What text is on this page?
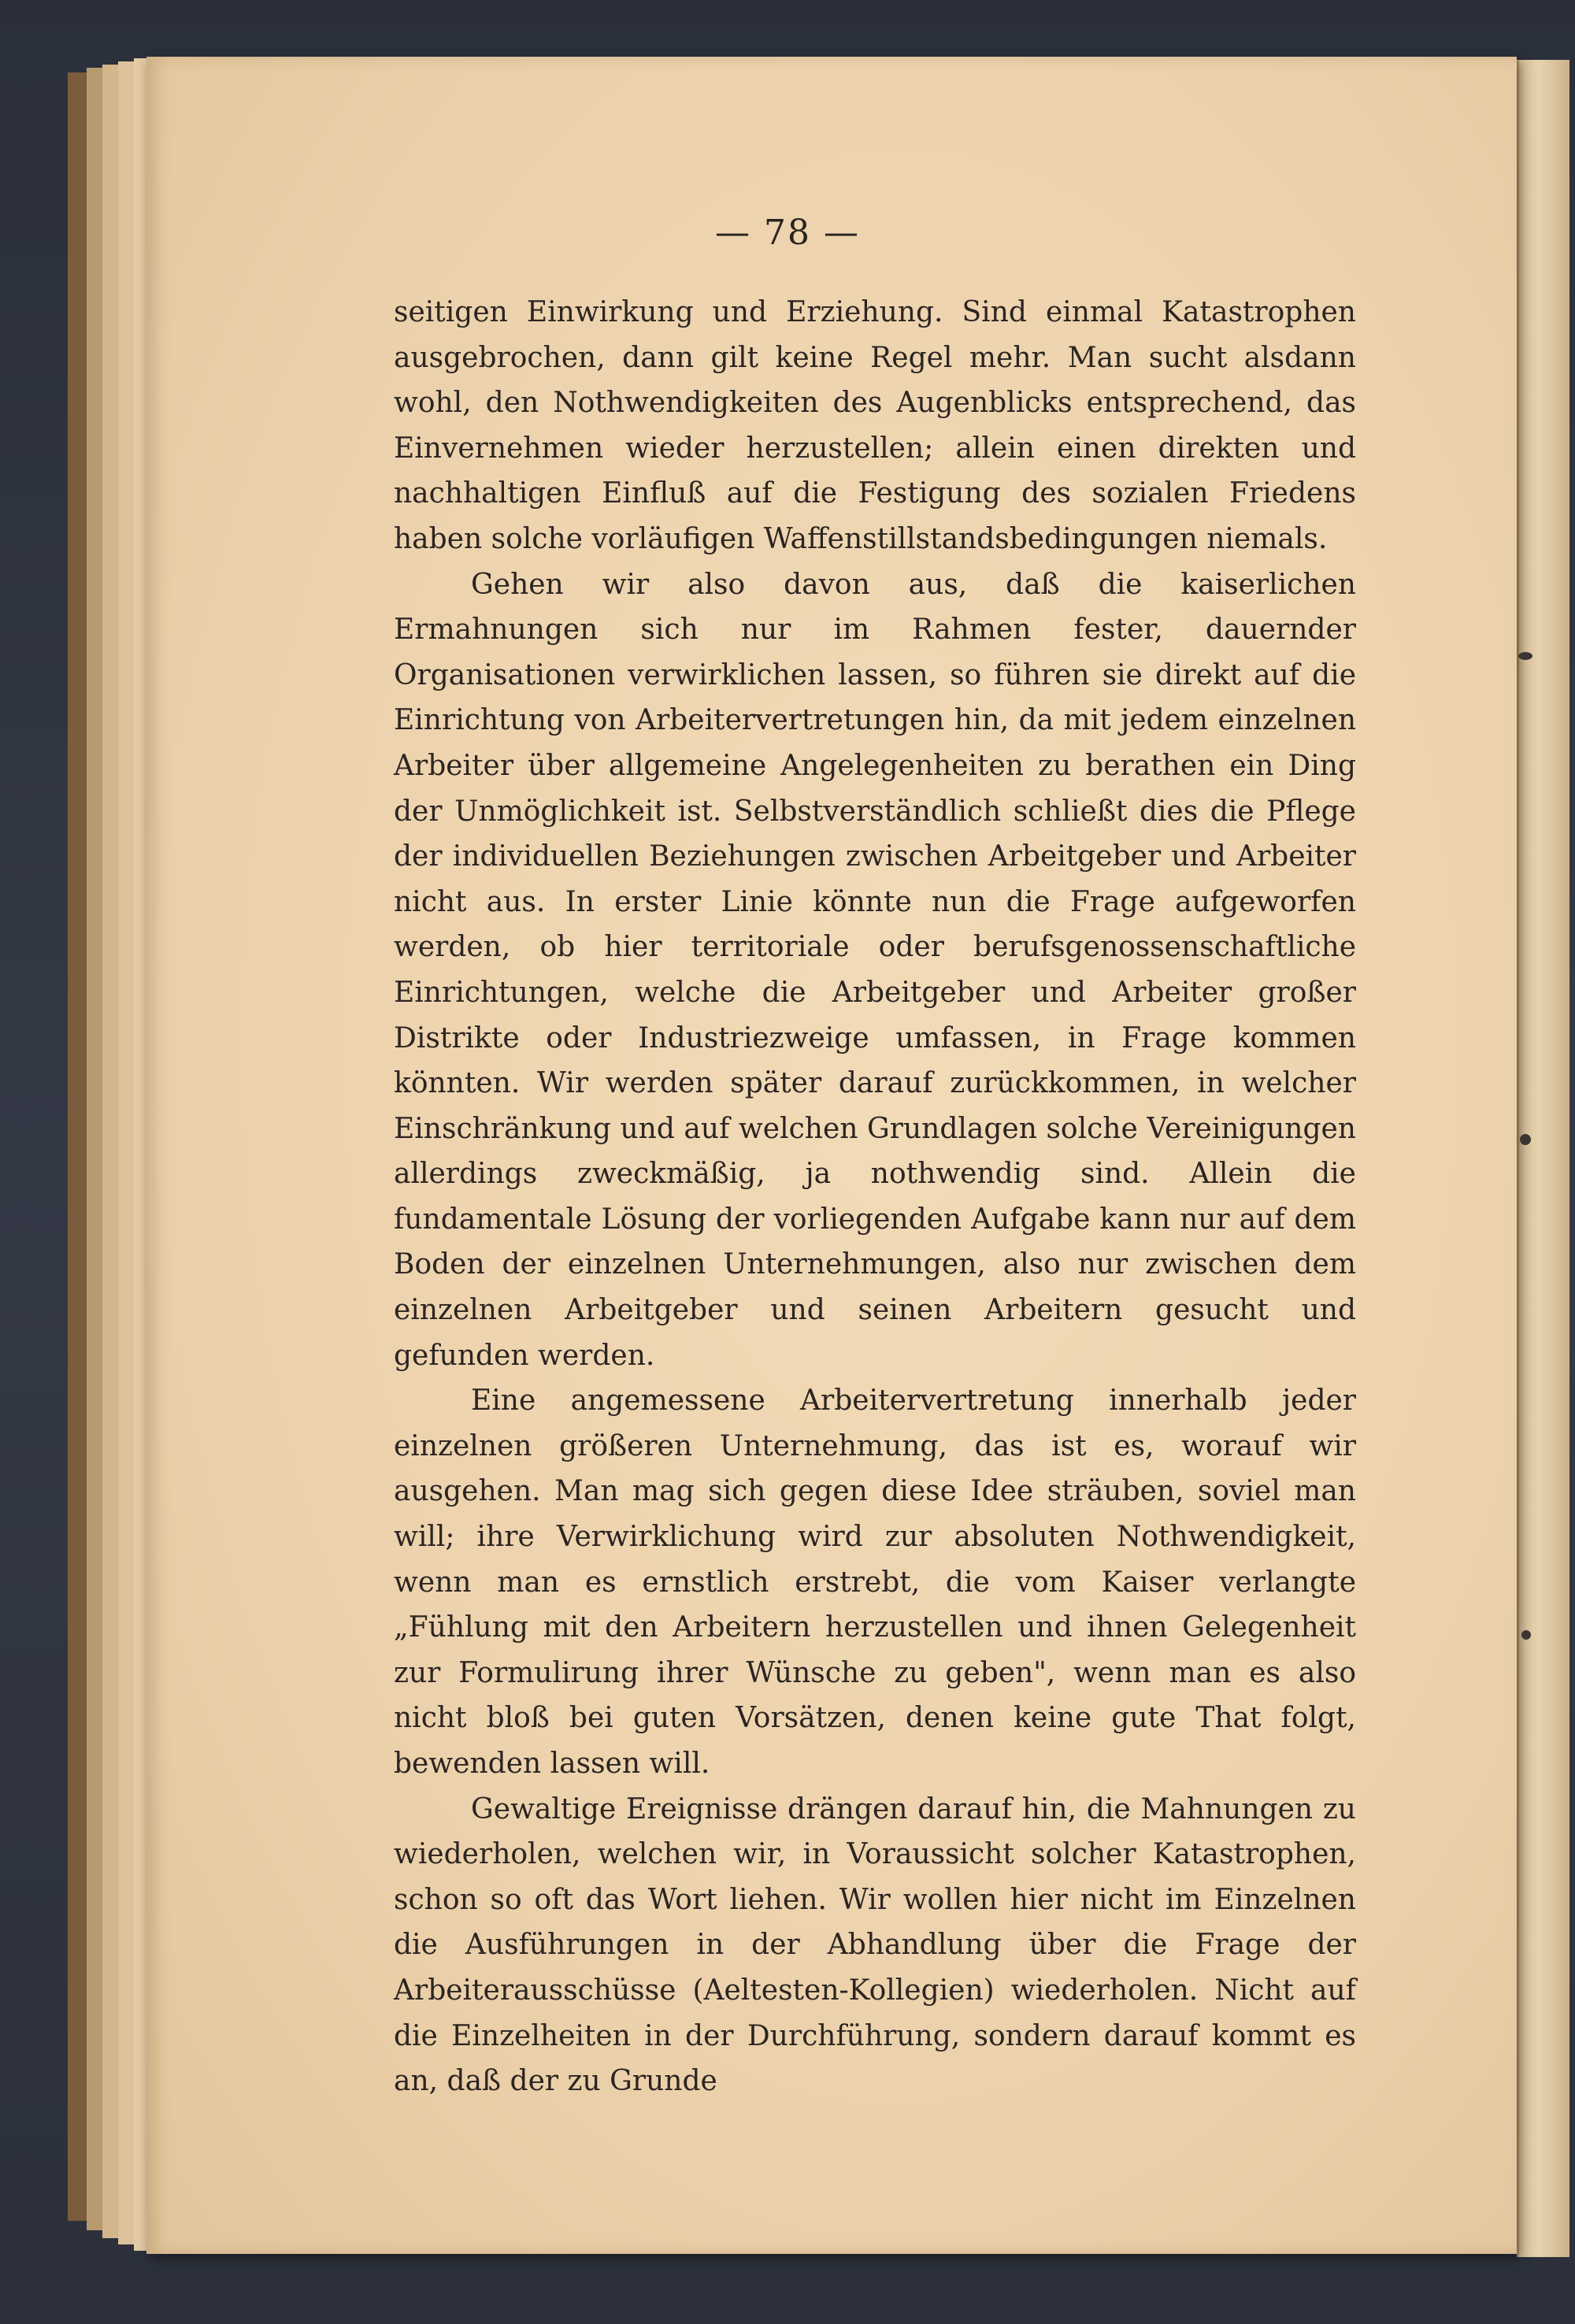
— 78 —

seitigen Einwirkung und Erziehung. Sind einmal Katastrophen ausgebrochen, dann gilt keine Regel mehr. Man sucht alsdann wohl, den Nothwendigkeiten des Augenblicks entsprechend, das Einvernehmen wieder herzustellen; allein einen direkten und nachhaltigen Einfluß auf die Festigung des sozialen Friedens haben solche vorläufigen Waffenstillstandsbedingungen niemals.

Gehen wir also davon aus, daß die kaiserlichen Ermahnungen sich nur im Rahmen fester, dauernder Organisationen verwirklichen lassen, so führen sie direkt auf die Einrichtung von Arbeitervertretungen hin, da mit jedem einzelnen Arbeiter über allgemeine Angelegenheiten zu berathen ein Ding der Unmöglichkeit ist. Selbstverständlich schließt dies die Pflege der individuellen Beziehungen zwischen Arbeitgeber und Arbeiter nicht aus. In erster Linie könnte nun die Frage aufgeworfen werden, ob hier territoriale oder berufsgenossenschaftliche Einrichtungen, welche die Arbeitgeber und Arbeiter großer Distrikte oder Industriezweige umfassen, in Frage kommen könnten. Wir werden später darauf zurückkommen, in welcher Einschränkung und auf welchen Grundlagen solche Vereinigungen allerdings zweckmäßig, ja nothwendig sind. Allein die fundamentale Lösung der vorliegenden Aufgabe kann nur auf dem Boden der einzelnen Unternehmungen, also nur zwischen dem einzelnen Arbeitgeber und seinen Arbeitern gesucht und gefunden werden.

Eine angemessene Arbeitervertretung innerhalb jeder einzelnen größeren Unternehmung, das ist es, worauf wir ausgehen. Man mag sich gegen diese Idee sträuben, soviel man will; ihre Verwirklichung wird zur absoluten Nothwendigkeit, wenn man es ernstlich erstrebt, die vom Kaiser verlangte „Fühlung mit den Arbeitern herzustellen und ihnen Gelegenheit zur Formulirung ihrer Wünsche zu geben", wenn man es also nicht bloß bei guten Vorsätzen, denen keine gute That folgt, bewenden lassen will.

Gewaltige Ereignisse drängen darauf hin, die Mahnungen zu wiederholen, welchen wir, in Voraussicht solcher Katastrophen, schon so oft das Wort liehen. Wir wollen hier nicht im Einzelnen die Ausführungen in der Abhandlung über die Frage der Arbeiterausschüsse (Aeltesten-Kollegien) wiederholen. Nicht auf die Einzelheiten in der Durchführung, sondern darauf kommt es an, daß der zu Grunde
